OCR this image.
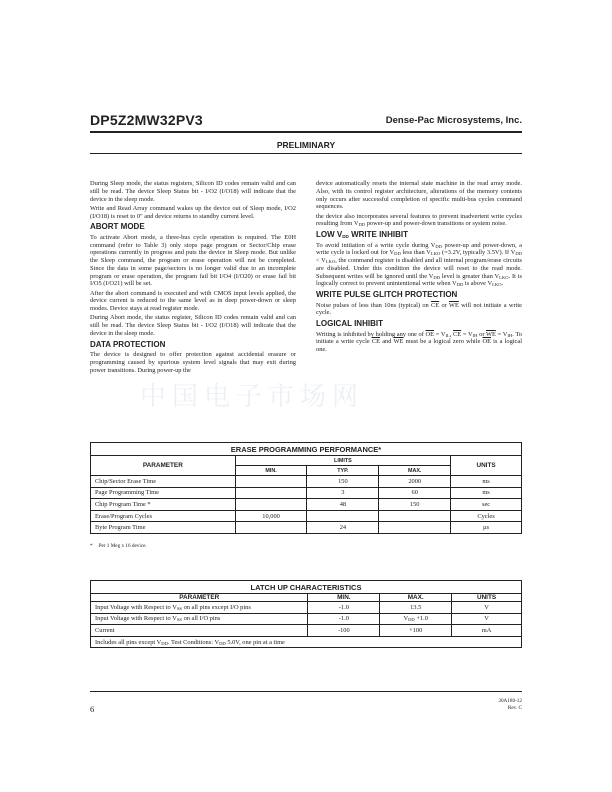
DP5Z2MW32PV3	Dense-Pac Microsystems, Inc.
PRELIMINARY

During Sleep mode, the status registers, Silicon ID codes remain valid and can still be read. The device Sleep Status bit - I/O2 (I/O18) will indicate that the device in the sleep mode.

Write and Read Array command wakes up the device out of Sleep mode, I/O2 (I/O18) is reset to 0" and device returns to standby current level.

ABORT MODE

To activate Abort mode, a three-bus cycle operation is required. The E0H command (refer to Table 3) only stops page program or Sector/Chip erase operations currently in progress and puts the device in Sleep mode. But unlike the Sleep command, the program or erase operation will not be completed. Since the data in some page/sectors is no longer valid due to an incomplete program or erase operation, the program fail bit I/O4 (I/O20) or erase fail bit I/O5 (I/O21) will be set.

After the abort command is executed and with CMOS input levels applied, the device current is reduced to the same level as in deep power-down or sleep modes. Device stays at read register mode.

During Abort mode, the status register, Silicon ID codes remain valid and can still be read. The device Sleep Status bit - I/O2 (I/O18) will indicate that the device in the sleep mode.

DATA PROTECTION

The device is designed to offer protection against accidental erasure or programming caused by spurious system level signals that may exit during power transitions. During power-up the

device automatically resets the internal state machine in the read array mode. Also, with its control register architecture, alterations of the memory contents only occurs after successful completion of specific multi-bus cycles command sequences.

the device also incorporates several features to prevent inadvertent write cycles resulting from $V_{DD}$ power-up and power-down transitions or system noise.

LOW $V_{DD}$ WRITE INHIBIT

To avoid initiation of a write cycle during $V_{DD}$ power-up and power-down, a write cycle is locked out for $V_{DD}$ less than $V_{LKO}$ (=3.2V, typically 3.5V). If $V_{DD} < V_{LKO}$, the command register is disabled and all internal program/erase circuits are disabled. Under this condition the device will reset to the read mode. Subsequent writes will be ignored until the $V_{DD}$ level is greater than $V_{LKO}$. It is logically correct to prevent unintentional write when $V_{DD}$ is above $V_{LKO}$.

WRITE PULSE GLITCH PROTECTION

Noise pulses of less than 10ns (typical) on $\overline{CE}$ or $\overline{WE}$ will not initiate a write cycle.

LOGICAL INHIBIT

Writing is inhibited by holding any one of $\overline{OE} = V_{IL}$, $\overline{CE} = V_{IH}$ or $\overline{WE} = V_{IH}$. To initiate a write cycle $\overline{CE}$ and $\overline{WE}$ must be a logical zero while $\overline{OE}$ is a logical one.

中国电子市场网
ERASE PROGRAMMING PERFORMANCE*				
PARAMETER	LIMITS			UNITS
	MIN.	TYP.	MAX.	
Chip/Sector Erase Time		150	2000	ms
Page Programming Time		3	60	ms
Chip Program Time *		48	150	sec
Erase/Program Cycles	10,000			Cycles
Byte Program Time		24		µs
* Per 1 Meg x 16 device.
LATCH UP CHARACTERISTICS			
PARAMETER	MIN.	MAX.	UNITS
Input Voltage with Respect to $V_{SS}$ on all pins except I/O pins	-1.0	13.5	V
Input Voltage with Respect to $V_{SS}$ on all I/O pins	-1.0	$V_{DD} +1.0$	V
Current	-100	+100	mA
Includes all pins except $V_{DD}$. Test Conditions: $V_{DD}$ 5.0V, one pin at a time			
6
30A180-12
Rev. C
